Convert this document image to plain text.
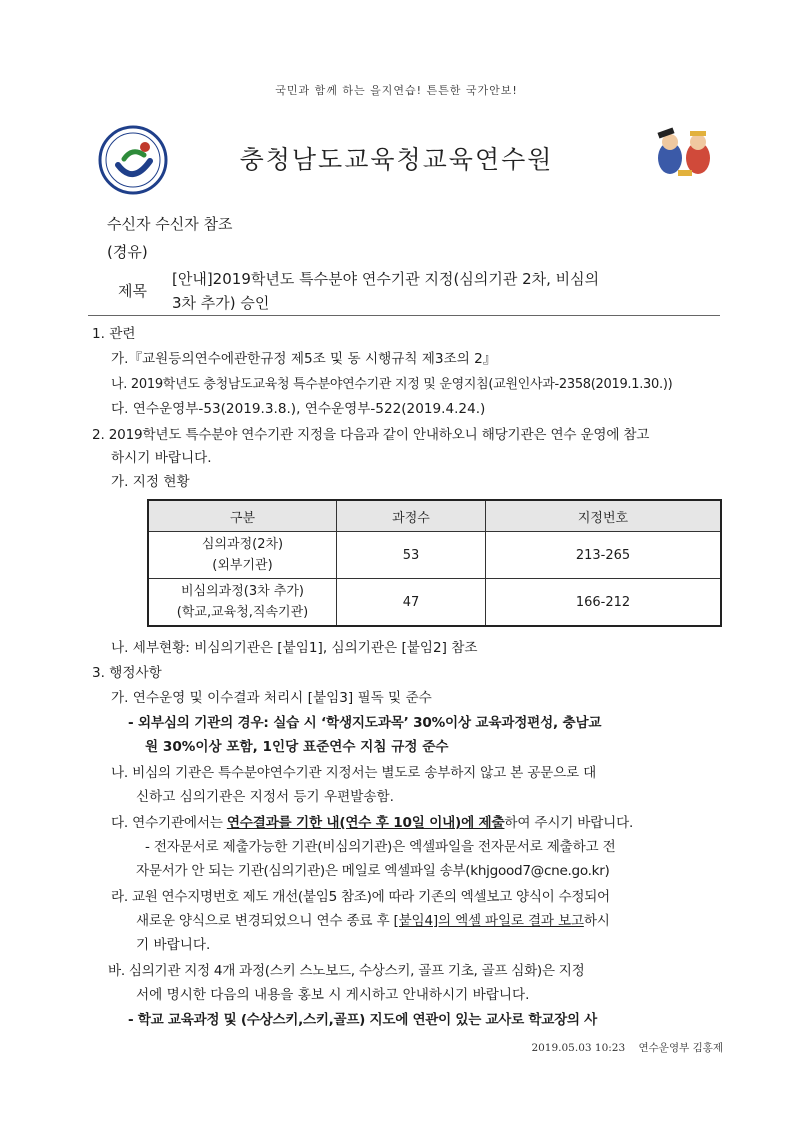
국민과 함께 하는 을지연습! 튼튼한 국가안보!
충청남도교육청교육연수원
수신자 수신자 참조
(경유)
제목
[안내]2019학년도 특수분야 연수기관 지정(심의기관 2차, 비심의
3차 추가) 승인
1. 관련
가.『교원등의연수에관한규정 제5조 및 동 시행규칙 제3조의 2』
나. 2019학년도 충청남도교육청 특수분야연수기관 지정 및 운영지침(교원인사과-2358(2019.1.30.))
다. 연수운영부-53(2019.3.8.), 연수운영부-522(2019.4.24.)
2. 2019학년도 특수분야 연수기관 지정을 다음과 같이 안내하오니 해당기관은 연수 운영에 참고
하시기 바랍니다.
가. 지정 현황
구분	과정수	지정번호
심의과정(2차)
(외부기관)	53	213-265
비심의과정(3차 추가)
(학교,교육청,직속기관)	47	166-212
나. 세부현황: 비심의기관은 [붙임1], 심의기관은 [붙임2] 참조
3. 행정사항
가. 연수운영 및 이수결과 처리시 [붙임3] 필독 및 준수
- 외부심의 기관의 경우: 실습 시 ‘학생지도과목’ 30%이상 교육과정편성, 충남교
원 30%이상 포함, 1인당 표준연수 지침 규정 준수
나. 비심의 기관은 특수분야연수기관 지정서는 별도로 송부하지 않고 본 공문으로 대
신하고 심의기관은 지정서 등기 우편발송함.
다. 연수기관에서는 연수결과를 기한 내(연수 후 10일 이내)에 제출하여 주시기 바랍니다.
- 전자문서로 제출가능한 기관(비심의기관)은 엑셀파일을 전자문서로 제출하고 전
자문서가 안 되는 기관(심의기관)은 메일로 엑셀파일 송부(khjgood7@cne.go.kr)
라. 교원 연수지명번호 제도 개선(붙임5 참조)에 따라 기존의 엑셀보고 양식이 수정되어
새로운 양식으로 변경되었으니 연수 종료 후 [붙임4]의 엑셀 파일로 결과 보고하시
기 바랍니다.
바. 심의기관 지정 4개 과정(스키 스노보드, 수상스키, 골프 기초, 골프 심화)은 지정
서에 명시한 다음의 내용을 홍보 시 게시하고 안내하시기 바랍니다.
- 학교 교육과정 및 (수상스키,스키,골프) 지도에 연관이 있는 교사로 학교장의 사
2019.05.03 10:23 연수운영부 김홍제
